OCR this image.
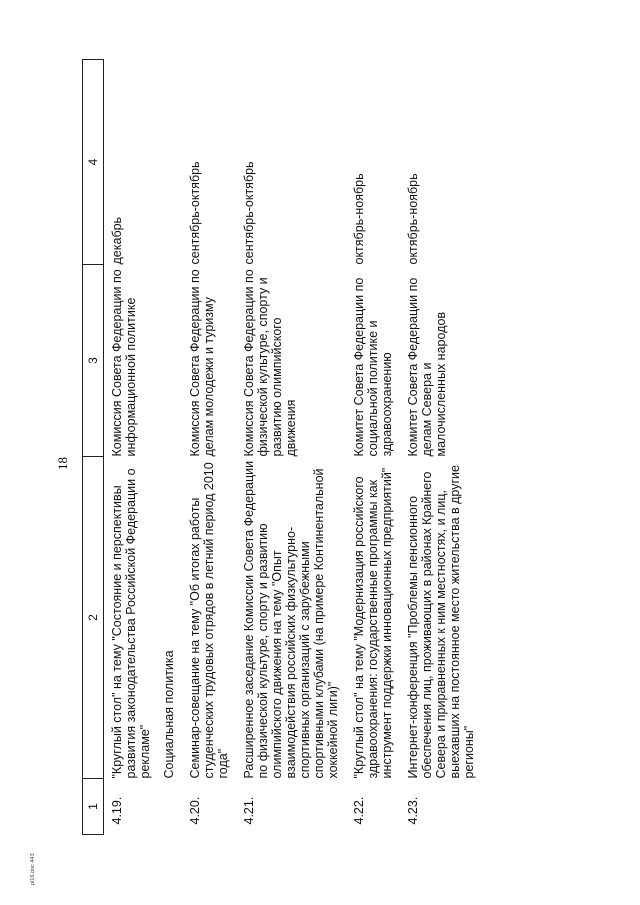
18
1	2	3	4
4.19.	"Круглый стол" на тему "Состояние и перспективы развития законодательства Российской Федерации о рекламе"	Комиссия Совета Федерации по информационной политике	декабрь
	Социальная политика		
4.20.	Семинар-совещание на тему "Об итогах работы студенческих трудовых отрядов в летний период 2010 года"	Комиссия Совета Федерации по делам молодежи и туризму	сентябрь-октябрь
4.21.	Расширенное заседание Комиссии Совета Федерации по физической культуре, спорту и развитию олимпийского движения на тему "Опыт взаимодействия российских физкультурно-спортивных организаций с зарубежными спортивными клубами (на примере Континентальной хоккейной лиги)"	Комиссия Совета Федерации по физической культуре, спорту и развитию олимпийского движения	сентябрь-октябрь
4.22.	"Круглый стол" на тему "Модернизация российского здравоохранения: государственные программы как инструмент поддержки инновационных предприятий"	Комитет Совета Федерации по социальной политике и здравоохранению	октябрь-ноябрь
4.23.	Интернет-конференция "Проблемы пенсионного обеспечения лиц, проживающих в районах Крайнего Севера и приравненных к ним местностях, и лиц, выехавших на постоянное место жительства в другие регионы"	Комитет Совета Федерации по делам Севера и малочисленных народов	октябрь-ноябрь
pl16.doc 443
